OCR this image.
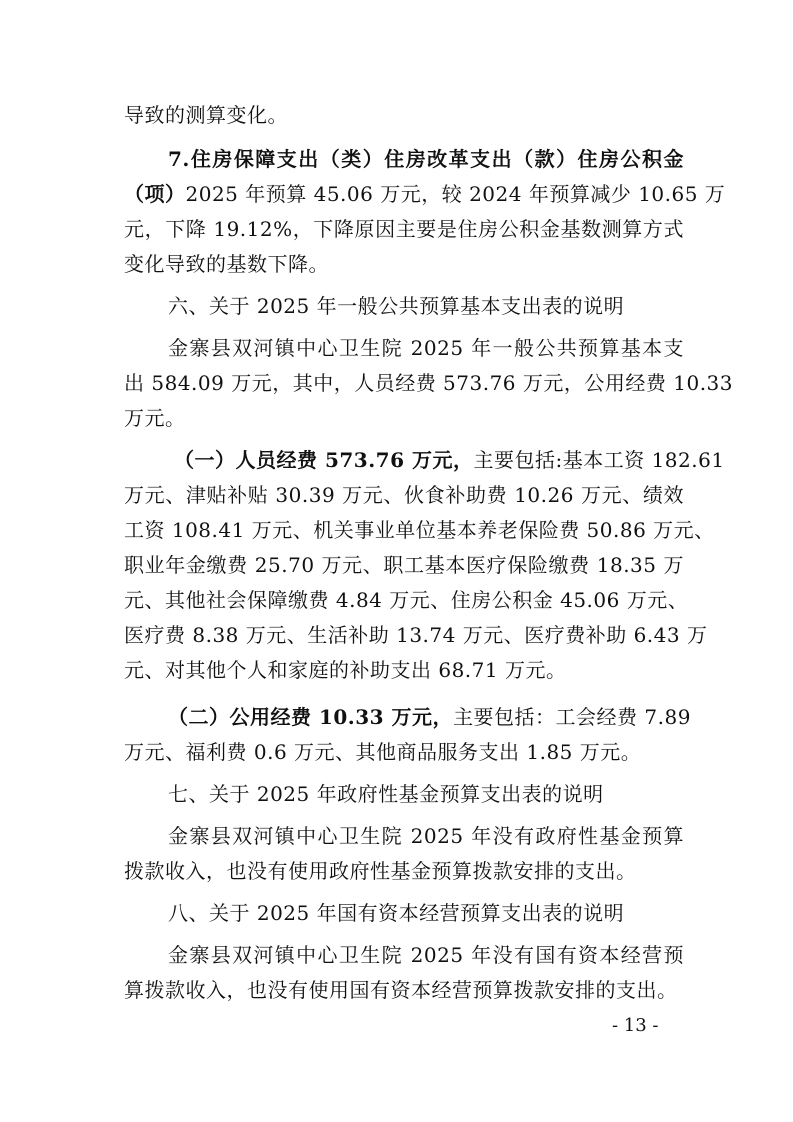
导致的测算变化。
7.住房保障支出（类）住房改革支出（款）住房公积金
（项）2025 年预算 45.06 万元，较 2024 年预算减少 10.65 万
元，下降 19.12%，下降原因主要是住房公积金基数测算方式
变化导致的基数下降。
六、关于 2025 年一般公共预算基本支出表的说明
金寨县双河镇中心卫生院 2025 年一般公共预算基本支
出 584.09 万元，其中，人员经费 573.76 万元，公用经费 10.33
万元。
（一）人员经费 573.76 万元，主要包括:基本工资 182.61
万元、津贴补贴 30.39 万元、伙食补助费 10.26 万元、绩效
工资 108.41 万元、机关事业单位基本养老保险费 50.86 万元、
职业年金缴费 25.70 万元、职工基本医疗保险缴费 18.35 万
元、其他社会保障缴费 4.84 万元、住房公积金 45.06 万元、
医疗费 8.38 万元、生活补助 13.74 万元、医疗费补助 6.43 万
元、对其他个人和家庭的补助支出 68.71 万元。
（二）公用经费 10.33 万元，主要包括：工会经费 7.89
万元、福利费 0.6 万元、其他商品服务支出 1.85 万元。
七、关于 2025 年政府性基金预算支出表的说明
金寨县双河镇中心卫生院 2025 年没有政府性基金预算
拨款收入，也没有使用政府性基金预算拨款安排的支出。
八、关于 2025 年国有资本经营预算支出表的说明
金寨县双河镇中心卫生院 2025 年没有国有资本经营预
算拨款收入，也没有使用国有资本经营预算拨款安排的支出。
- 13 -
